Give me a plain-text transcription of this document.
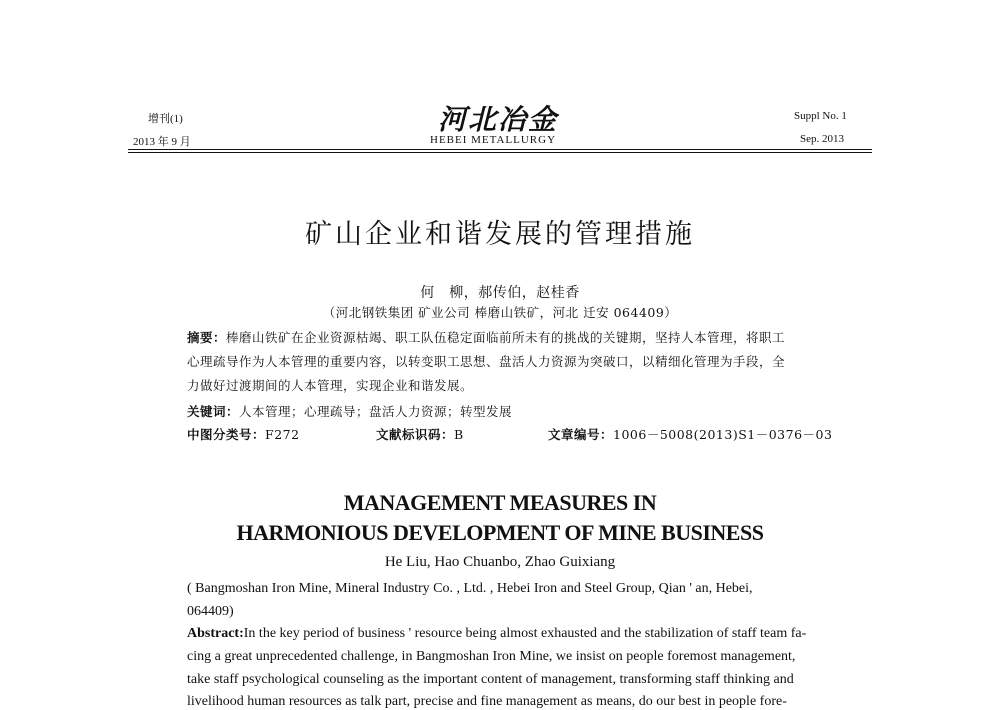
增刊(1)
2013 年 9 月
河北冶金
HEBEI METALLURGY
Suppl No. 1
Sep. 2013
矿山企业和谐发展的管理措施
何　柳，郝传伯，赵桂香
（河北钢铁集团 矿业公司 棒磨山铁矿，河北 迁安 064409）
摘要：棒磨山铁矿在企业资源枯竭、职工队伍稳定面临前所未有的挑战的关键期，坚持人本管理，将职工
心理疏导作为人本管理的重要内容，以转变职工思想、盘活人力资源为突破口，以精细化管理为手段，全
力做好过渡期间的人本管理，实现企业和谐发展。
关键词：人本管理；心理疏导；盘活人力资源；转型发展
中图分类号：F272	文献标识码：B	文章编号：1006－5008(2013)S1－0376－03
MANAGEMENT MEASURES IN
HARMONIOUS DEVELOPMENT OF MINE BUSINESS
He Liu, Hao Chuanbo, Zhao Guixiang
( Bangmoshan Iron Mine, Mineral Industry Co. , Ltd. , Hebei Iron and Steel Group, Qian ' an, Hebei,
064409)
Abstract:In the key period of business ' resource being almost exhausted and the stabilization of staff team fa-
cing a great unprecedented challenge, in Bangmoshan Iron Mine, we insist on people foremost management,
take staff psychological counseling as the important content of management, transforming staff thinking and
livelihood human resources as talk part, precise and fine management as means, do our best in people fore-
